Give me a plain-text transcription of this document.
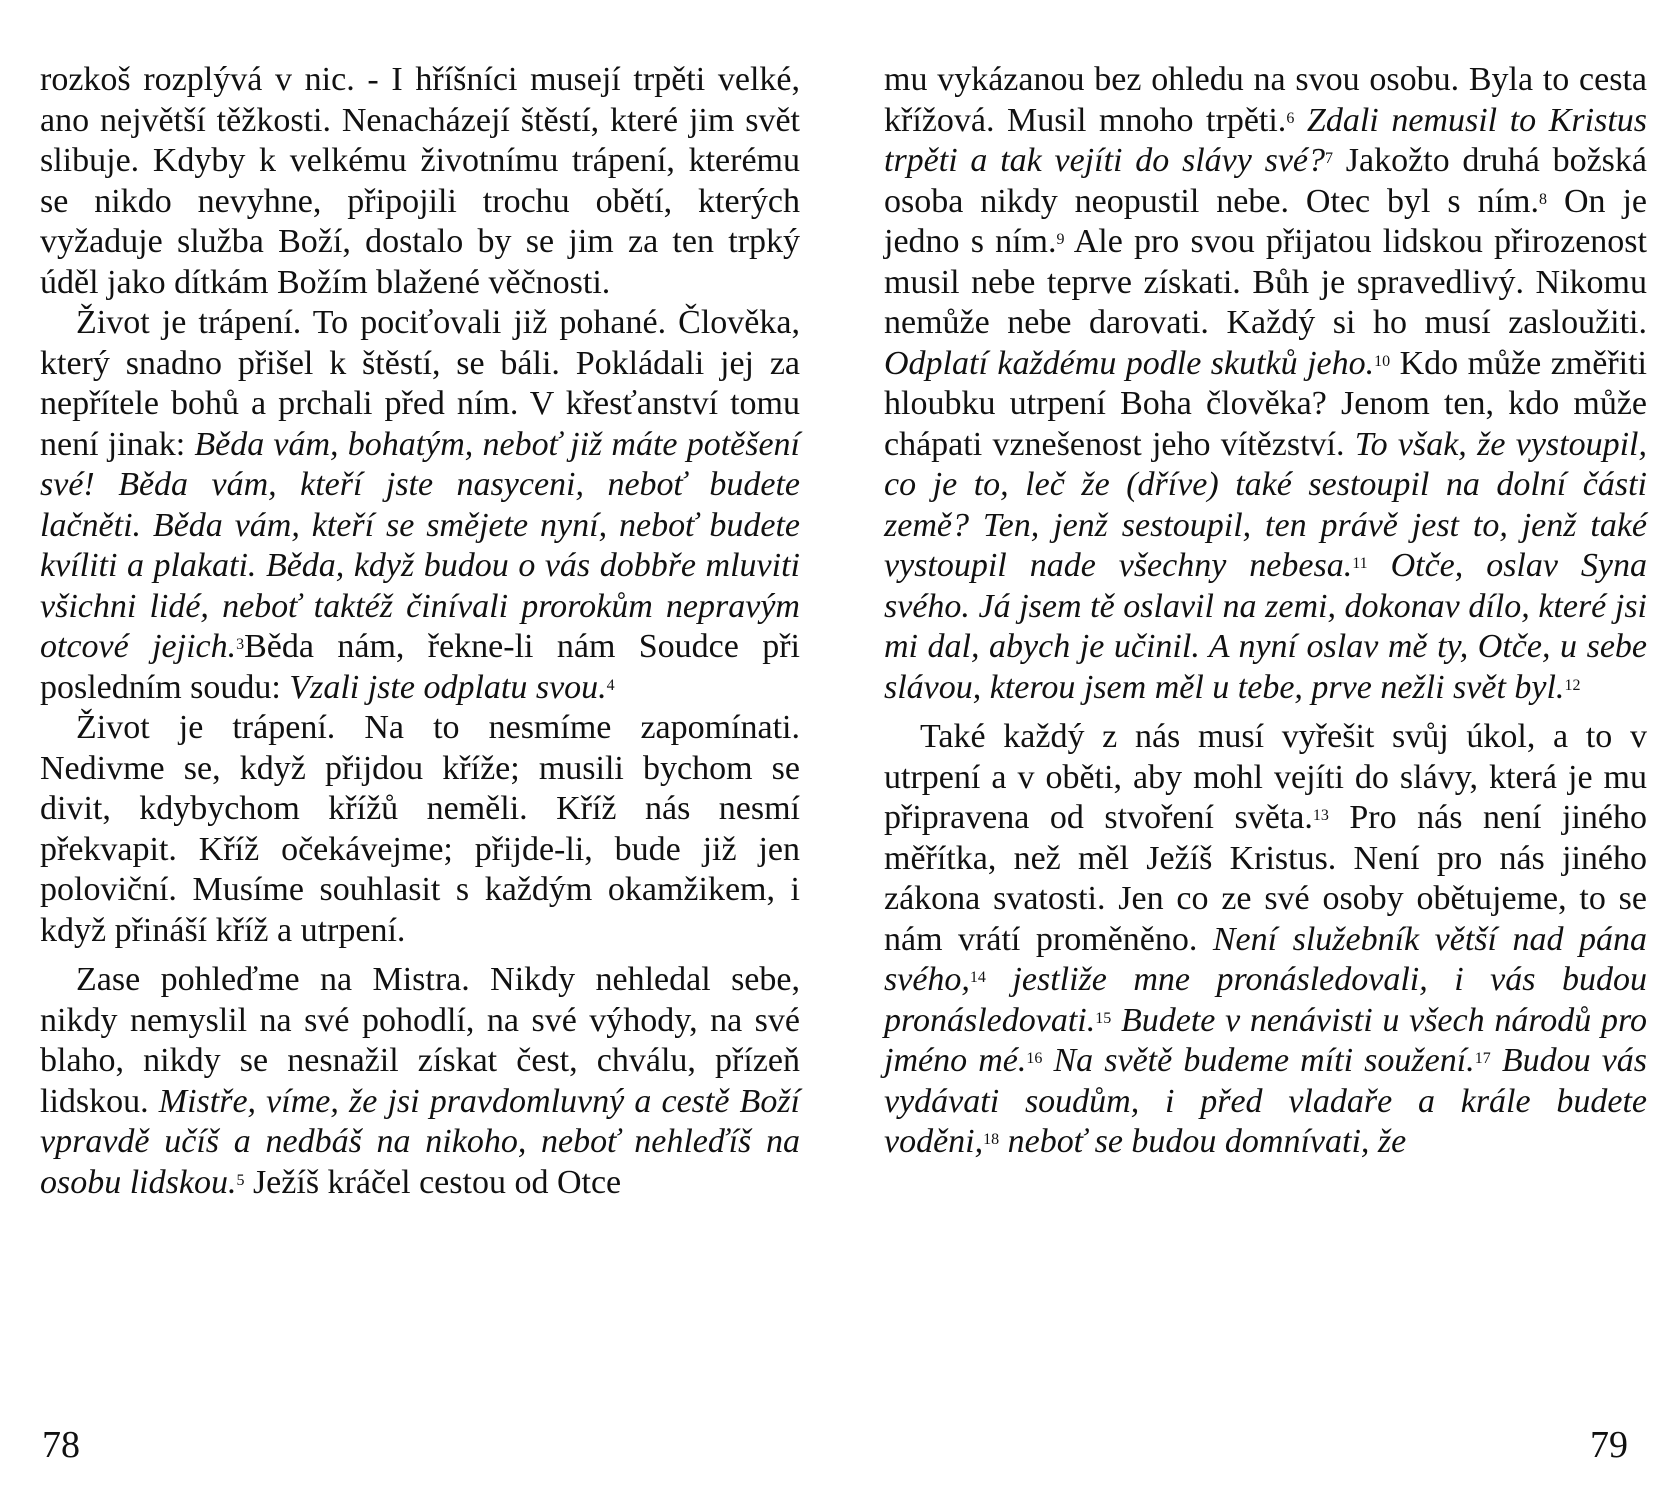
rozkoš rozplývá v nic. - I hříšníci musejí trpěti velké, ano největší těžkosti. Nenacházejí štěstí, které jim svět slibuje. Kdyby k velkému životnímu trápení, kterému se nikdo nevyhne, připojili trochu obětí, kterých vyžaduje služba Boží, dostalo by se jim za ten trpký úděl jako dítkám Božím blažené věčnosti.

Život je trápení. To pociťovali již pohané. Člověka, který snadno přišel k štěstí, se báli. Pokládali jej za nepřítele bohů a prchali před ním. V křesťanství tomu není jinak: Běda vám, bohatým, neboť již máte potěšení své! Běda vám, kteří jste nasyceni, neboť budete lačněti. Běda vám, kteří se smějete nyní, neboť budete kvíliti a plakati. Běda, když budou o vás dobbře mluviti všichni lidé, neboť taktéž činívali prorokům nepravým otcové jejich.$^3$Běda nám, řekne-li nám Soudce při posledním soudu: Vzali jste odplatu svou.$^4$

Život je trápení. Na to nesmíme zapomínati. Nedivme se, když přijdou kříže; musili bychom se divit, kdybychom křížů neměli. Kříž nás nesmí překvapit. Kříž očekávejme; přijde-li, bude již jen poloviční. Musíme souhlasit s každým okamžikem, i když přináší kříž a utrpení.

Zase pohleďme na Mistra. Nikdy nehledal sebe, nikdy nemyslil na své pohodlí, na své výhody, na své blaho, nikdy se nesnažil získat čest, chválu, přízeň lidskou. Mistře, víme, že jsi pravdomluvný a cestě Boží vpravdě učíš a nedbáš na nikoho, neboť nehleďíš na osobu lidskou.$^5$ Ježíš kráčel cestou od Otce

78

mu vykázanou bez ohledu na svou osobu. Byla to cesta křížová. Musil mnoho trpěti.$^6$ Zdali nemusil to Kristus trpěti a tak vejíti do slávy své?$^7$ Jakožto druhá božská osoba nikdy neopustil nebe. Otec byl s ním.$^8$ On je jedno s ním.$^9$ Ale pro svou přijatou lidskou přirozenost musil nebe teprve získati. Bůh je spravedlivý. Nikomu nemůže nebe darovati. Každý si ho musí zasloužiti. Odplatí každému podle skutků jeho.$^{10}$ Kdo může změřiti hloubku utrpení Boha člověka? Jenom ten, kdo může chápati vznešenost jeho vítězství. To však, že vystoupil, co je to, leč že (dříve) také sestoupil na dolní části země? Ten, jenž sestoupil, ten právě jest to, jenž také vystoupil nade všechny nebesa.$^{11}$ Otče, oslav Syna svého. Já jsem tě oslavil na zemi, dokonav dílo, které jsi mi dal, abych je učinil. A nyní oslav mě ty, Otče, u sebe slávou, kterou jsem měl u tebe, prve nežli svět byl.$^{12}$

Také každý z nás musí vyřešit svůj úkol, a to v utrpení a v oběti, aby mohl vejíti do slávy, která je mu připravena od stvoření světa.$^{13}$ Pro nás není jiného měřítka, než měl Ježíš Kristus. Není pro nás jiného zákona svatosti. Jen co ze své osoby obětujeme, to se nám vrátí proměněno. Není služebník větší nad pána svého,$^{14}$ jestliže mne pronásledovali, i vás budou pronásledovati.$^{15}$ Budete v nenávisti u všech národů pro jméno mé.$^{16}$ Na světě budeme míti soužení.$^{17}$ Budou vás vydávati soudům, i před vladaře a krále budete voděni,$^{18}$ neboť se budou domnívati, že

79
